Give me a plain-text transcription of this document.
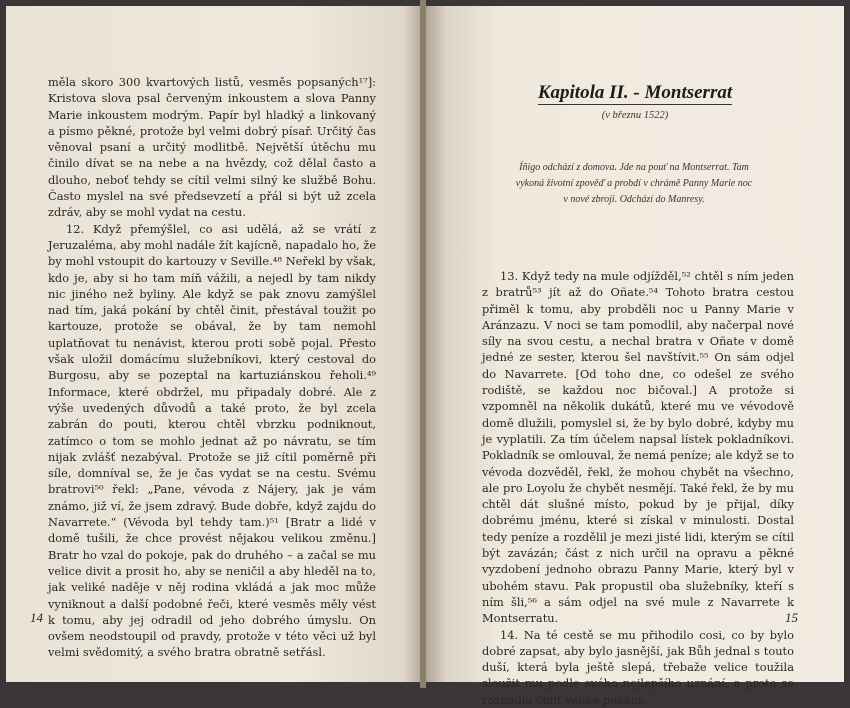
měla skoro 300 kvartových listů, vesměs popsaných¹⁷]: Kristova slova psal červeným inkoustem a slova Panny Marie inkoustem modrým. Papír byl hladký a linkovaný a písmo pěkné, protože byl velmi dobrý písař. Určitý čas věnoval psaní a určitý modlitbě. Největší útěchu mu činilo dívat se na nebe a na hvězdy, což dělal často a dlouho, neboť tehdy se cítil velmi silný ke službě Bohu. Často myslel na své předsevzetí a přál si být už zcela zdráv, aby se mohl vydat na cestu.

12. Když přemýšlel, co asi udělá, až se vrátí z Jeruzaléma, aby mohl nadále žít kajícně, napadalo ho, že by mohl vstoupit do kartouzy v Seville.⁴⁸ Neřekl by však, kdo je, aby si ho tam míň vážili, a nejedl by tam nikdy nic jiného než byliny. Ale když se pak znovu zamýšlel nad tím, jaká pokání by chtěl činit, přestával toužit po kartouze, protože se obával, že by tam nemohl uplatňovat tu nenávist, kterou proti sobě pojal. Přesto však uložil domácímu služebníkovi, který cestoval do Burgosu, aby se pozeptal na kartuziánskou řeholi.⁴⁹ Informace, které obdržel, mu připadaly dobré. Ale z výše uvedených důvodů a také proto, že byl zcela zabrán do pouti, kterou chtěl vbrzku podniknout, zatímco o tom se mohlo jednat až po návratu, se tím nijak zvlášť nezabýval. Protože se již cítil poměrně při síle, domníval se, že je čas vydat se na cestu. Svému bratrovi⁵⁰ řekl: „Pane, vévoda z Nájery, jak je vám známo, již ví, že jsem zdravý. Bude dobře, když zajdu do Navarrete.“ (Vévoda byl tehdy tam.)⁵¹ [Bratr a lidé v domě tušili, že chce provést nějakou velikou změnu.] Bratr ho vzal do pokoje, pak do druhého – a začal se mu velice divit a prosit ho, aby se neničil a aby hleděl na to, jak veliké naděje v něj rodina vkládá a jak moc může vyniknout a další podobné řeči, které vesměs měly vést k tomu, aby jej odradil od jeho dobrého úmyslu. On ovšem neodstoupil od pravdy, protože v této věci už byl velmi svědomitý, a svého bratra obratně setřásl.

14
Kapitola II. - Montserrat
(v březnu 1522)
Íñigo odchází z domova. Jde na pouť na Montserrat. Tam vykoná životní zpověď a probdí v chrámě Panny Marie noc v nové zbroji. Odchází do Manresy.

13. Když tedy na mule odjížděl,⁵² chtěl s ním jeden z bratrů⁵³ jít až do Oñate.⁵⁴ Tohoto bratra cestou přiměl k tomu, aby probděli noc u Panny Marie v Aránzazu. V noci se tam pomodlil, aby načerpal nové síly na svou cestu, a nechal bratra v Oñate v domě jedné ze sester, kterou šel navštívit.⁵⁵ On sám odjel do Navarrete. [Od toho dne, co odešel ze svého rodiště, se každou noc bičoval.] A protože si vzpomněl na několik dukátů, které mu ve vévodově domě dlužili, pomyslel si, že by bylo dobré, kdyby mu je vyplatili. Za tím účelem napsal lístek pokladníkovi. Pokladník se omlouval, že nemá peníze; ale když se to vévoda dozvěděl, řekl, že mohou chybět na všechno, ale pro Loyolu že chybět nesmějí. Také řekl, že by mu chtěl dát slušné místo, pokud by je přijal, díky dobrému jménu, které si získal v minulosti. Dostal tedy peníze a rozdělil je mezi jisté lidi, kterým se cítil být zavázán; část z nich určil na opravu a pěkné vyzdobení jednoho obrazu Panny Marie, který byl v ubohém stavu. Pak propustil oba služebníky, kteří s ním šli,⁵⁶ a sám odjel na své mule z Navarrete k Montserratu.

14. Na té cestě se mu přihodilo cosi, co by bylo dobré zapsat, aby bylo jasnější, jak Bůh jednal s touto duší, která byla ještě slepá, třebaže velice toužila sloužit mu podle svého nejlepšího uznání, a proto se rozhodla činit veliké pokání:

15
